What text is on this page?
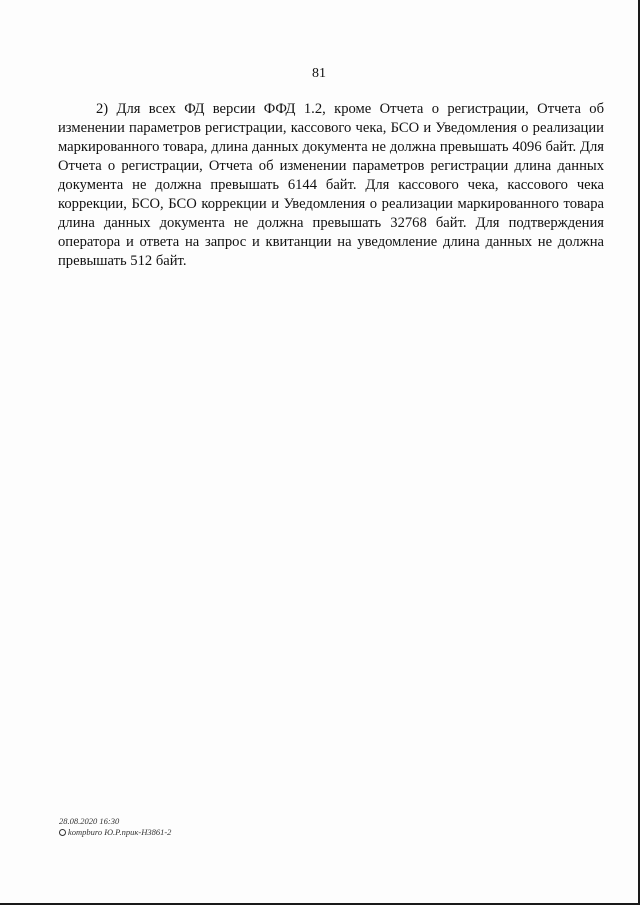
81

2) Для всех ФД версии ФФД 1.2, кроме Отчета о регистрации, Отчета об изменении параметров регистрации, кассового чека, БСО и Уведомления о реализации маркированного товара, длина данных документа не должна превышать 4096 байт. Для Отчета о регистрации, Отчета об изменении параметров регистрации длина данных документа не должна превышать 6144 байт. Для кассового чека, кассового чека коррекции, БСО, БСО коррекции и Уведомления о реализации маркированного товара длина данных документа не должна превышать 32768 байт. Для подтверждения оператора и ответа на запрос и квитанции на уведомление длина данных не должна превышать 512 байт.

28.08.2020 16:30
kompburo Ю.Р.прик-Н3861-2
